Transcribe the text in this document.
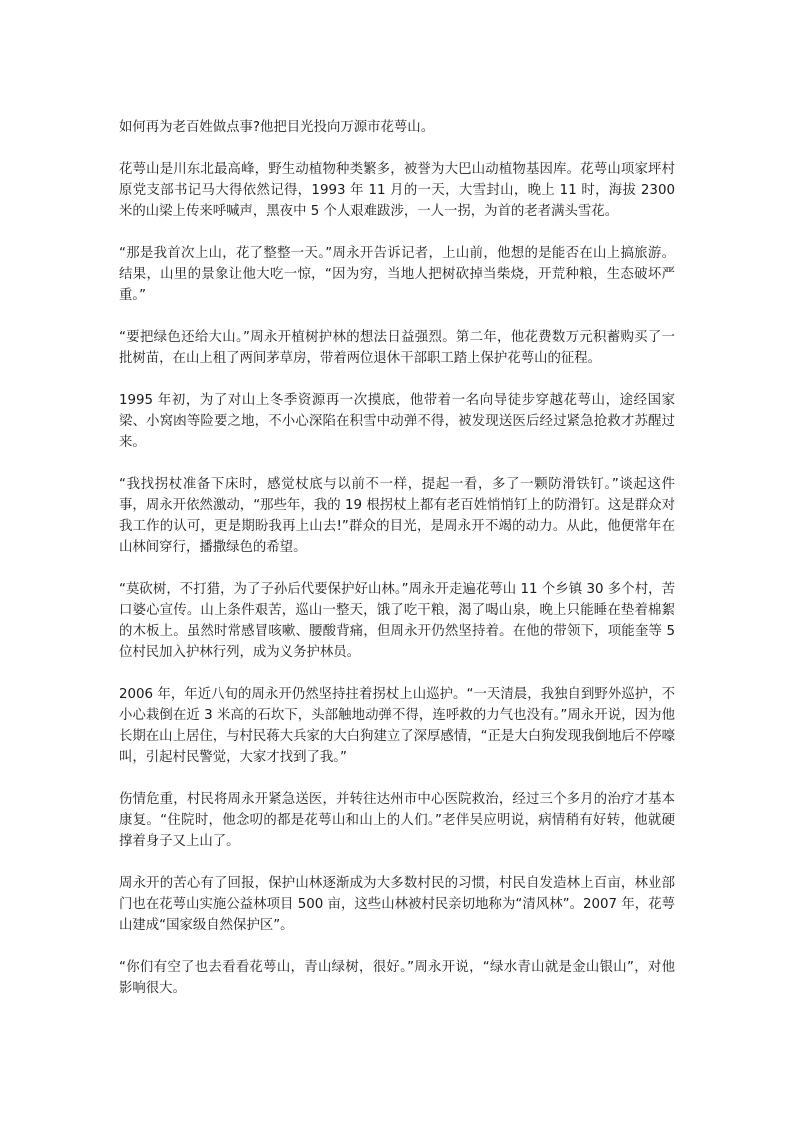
如何再为老百姓做点事?他把目光投向万源市花萼山。

花萼山是川东北最高峰，野生动植物种类繁多，被誉为大巴山动植物基因库。花萼山项家坪村原党支部书记马大得依然记得，1993 年 11 月的一天，大雪封山，晚上 11 时，海拔 2300 米的山梁上传来呼喊声，黑夜中 5 个人艰难跋涉，一人一拐，为首的老者满头雪花。

“那是我首次上山，花了整整一天。”周永开告诉记者，上山前，他想的是能否在山上搞旅游。结果，山里的景象让他大吃一惊，“因为穷，当地人把树砍掉当柴烧，开荒种粮，生态破坏严重。”

“要把绿色还给大山。”周永开植树护林的想法日益强烈。第二年，他花费数万元积蓄购买了一批树苗，在山上租了两间茅草房，带着两位退休干部职工踏上保护花萼山的征程。

1995 年初，为了对山上冬季资源再一次摸底，他带着一名向导徒步穿越花萼山，途经国家梁、小窝凼等险要之地，不小心深陷在积雪中动弹不得，被发现送医后经过紧急抢救才苏醒过来。

“我找拐杖准备下床时，感觉杖底与以前不一样，提起一看，多了一颗防滑铁钉。”谈起这件事，周永开依然激动，“那些年，我的 19 根拐杖上都有老百姓悄悄钉上的防滑钉。这是群众对我工作的认可，更是期盼我再上山去!”群众的目光，是周永开不竭的动力。从此，他便常年在山林间穿行，播撒绿色的希望。

“莫砍树，不打猎，为了子孙后代要保护好山林。”周永开走遍花萼山 11 个乡镇 30 多个村，苦口婆心宣传。山上条件艰苦，巡山一整天，饿了吃干粮，渴了喝山泉，晚上只能睡在垫着棉絮的木板上。虽然时常感冒咳嗽、腰酸背痛，但周永开仍然坚持着。在他的带领下，项能奎等 5 位村民加入护林行列，成为义务护林员。

2006 年，年近八旬的周永开仍然坚持拄着拐杖上山巡护。“一天清晨，我独自到野外巡护，不小心栽倒在近 3 米高的石坎下，头部触地动弹不得，连呼救的力气也没有。”周永开说，因为他长期在山上居住，与村民蒋大兵家的大白狗建立了深厚感情，“正是大白狗发现我倒地后不停嚎叫，引起村民警觉，大家才找到了我。”

伤情危重，村民将周永开紧急送医，并转往达州市中心医院救治，经过三个多月的治疗才基本康复。“住院时，他念叨的都是花萼山和山上的人们。”老伴吴应明说，病情稍有好转，他就硬撑着身子又上山了。

周永开的苦心有了回报，保护山林逐渐成为大多数村民的习惯，村民自发造林上百亩，林业部门也在花萼山实施公益林项目 500 亩，这些山林被村民亲切地称为“清风林”。2007 年，花萼山建成“国家级自然保护区”。

“你们有空了也去看看花萼山，青山绿树，很好。”周永开说，“绿水青山就是金山银山”，对他影响很大。
